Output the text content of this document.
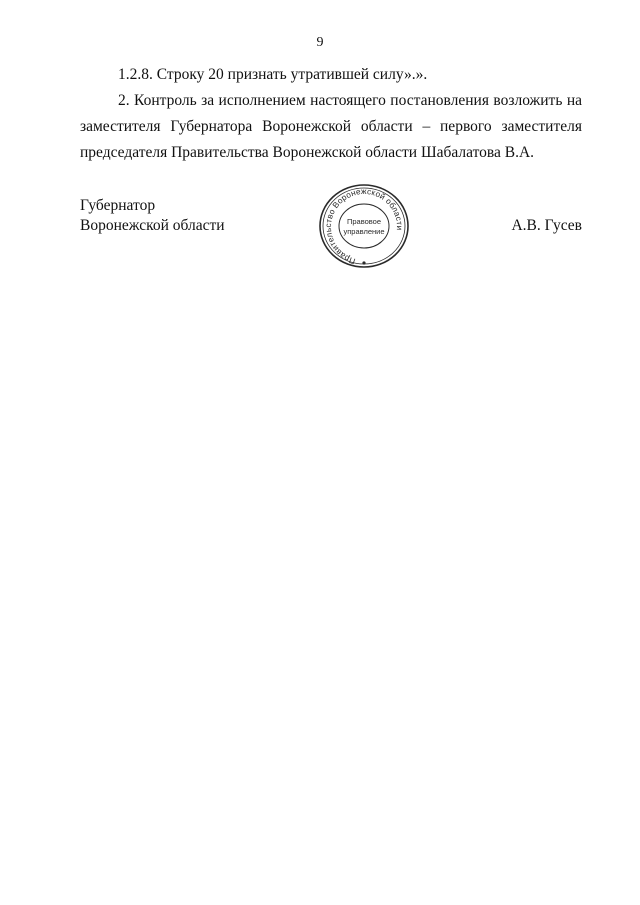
9

1.2.8. Строку 20 признать утратившей силу».».

2. Контроль за исполнением настоящего постановления возложить на заместителя Губернатора Воронежской области – первого заместителя председателя Правительства Воронежской области Шабалатова В.А.

Губернатор
Воронежской области	А.В. Гусев
Правительство Воронежской области
Правовое
управление
